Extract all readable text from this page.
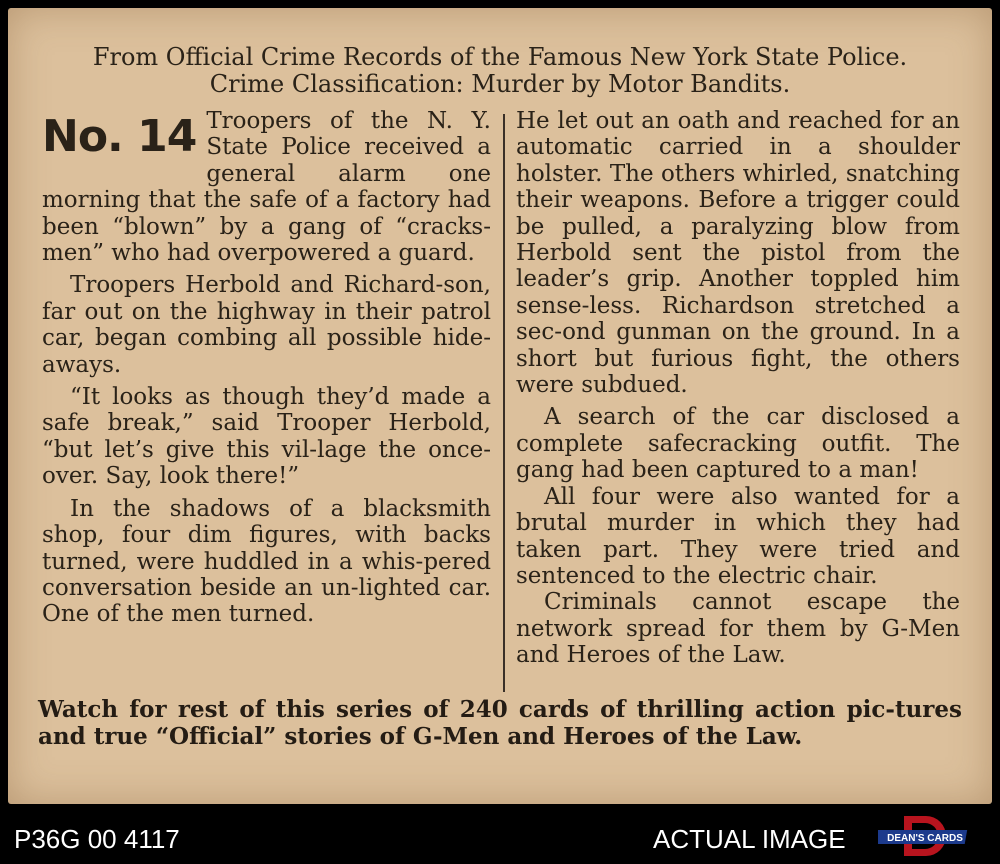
From Official Crime Records of the Famous New York State Police.
Crime Classification: Murder by Motor Bandits.
No. 14 Troopers of the N. Y. State Police received a general alarm one morning that the safe of a factory had been “blown” by a gang of “cracks-men” who had overpowered a guard.

Troopers Herbold and Richard-son, far out on the highway in their patrol car, began combing all possible hide-aways.

“It looks as though they’d made a safe break,” said Trooper Herbold, “but let’s give this vil-lage the once-over. Say, look there!”

In the shadows of a blacksmith shop, four dim figures, with backs turned, were huddled in a whis-pered conversation beside an un-lighted car. One of the men turned.

He let out an oath and reached for an automatic carried in a shoulder holster. The others whirled, snatching their weapons. Before a trigger could be pulled, a paralyzing blow from Herbold sent the pistol from the leader’s grip. Another toppled him sense-less. Richardson stretched a sec-ond gunman on the ground. In a short but furious fight, the others were subdued.

A search of the car disclosed a complete safecracking outfit. The gang had been captured to a man!

All four were also wanted for a brutal murder in which they had taken part. They were tried and sentenced to the electric chair.

Criminals cannot escape the network spread for them by G-Men and Heroes of the Law.

Watch for rest of this series of 240 cards of thrilling action pic-tures and true “Official” stories of G-Men and Heroes of the Law.
P36G 00 4117	ACTUAL IMAGE	DEAN'S CARDS
